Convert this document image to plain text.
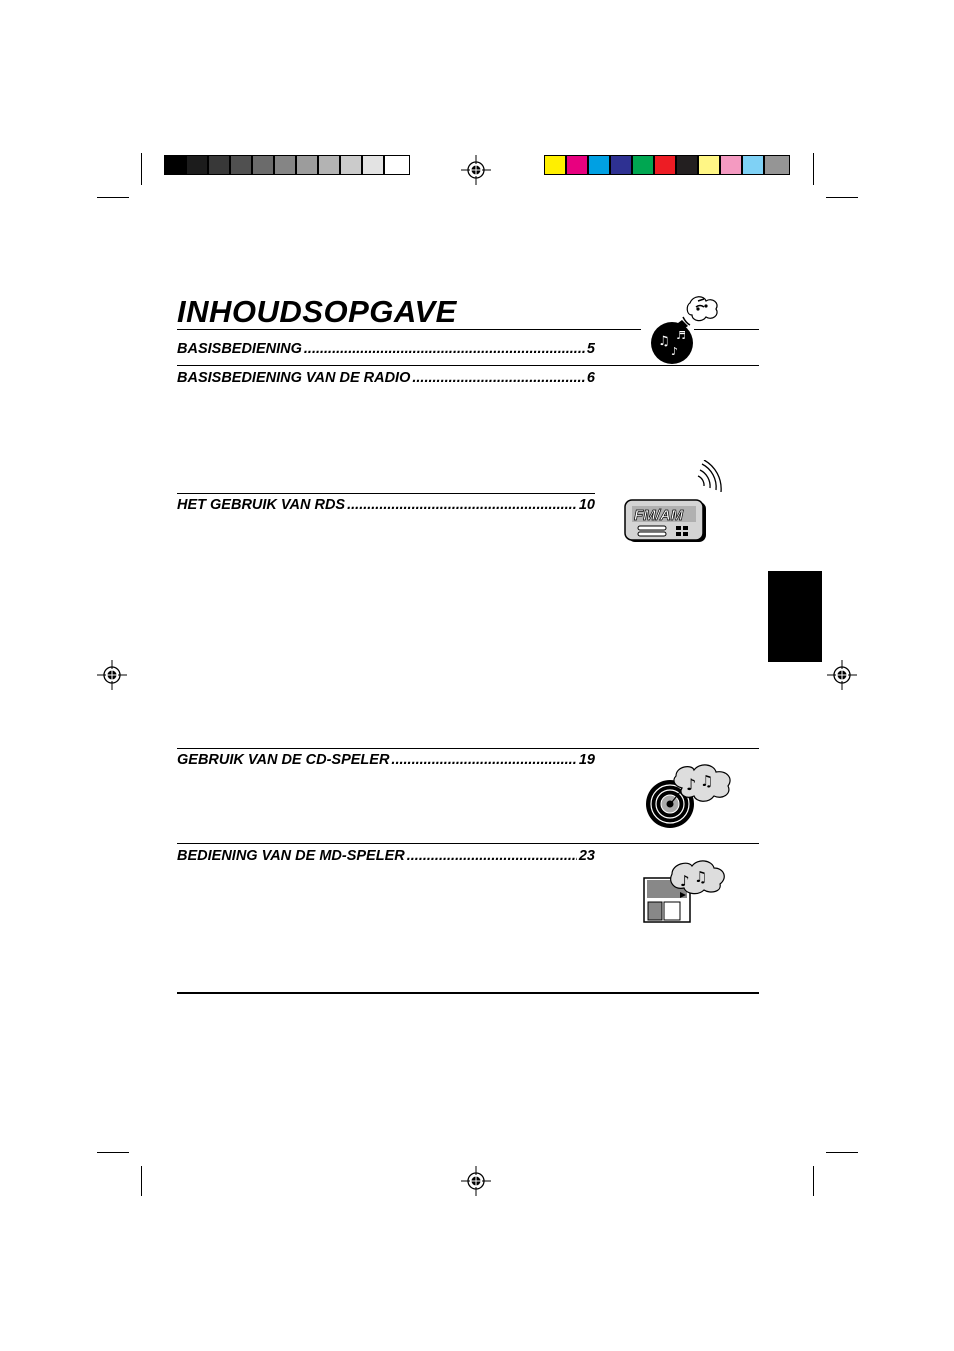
INHOUDSOPGAVE
BASISBEDIENING .....	5	♫
♪
♬
BASISBEDIENING VAN DE RADIO .....	6
HET GEBRUIK VAN RDS .....	10
FM/AM
GEBRUIK VAN DE CD-SPELER .....	19
♪ ♫
BEDIENING VAN DE MD-SPELER .....	23
♪ ♫
